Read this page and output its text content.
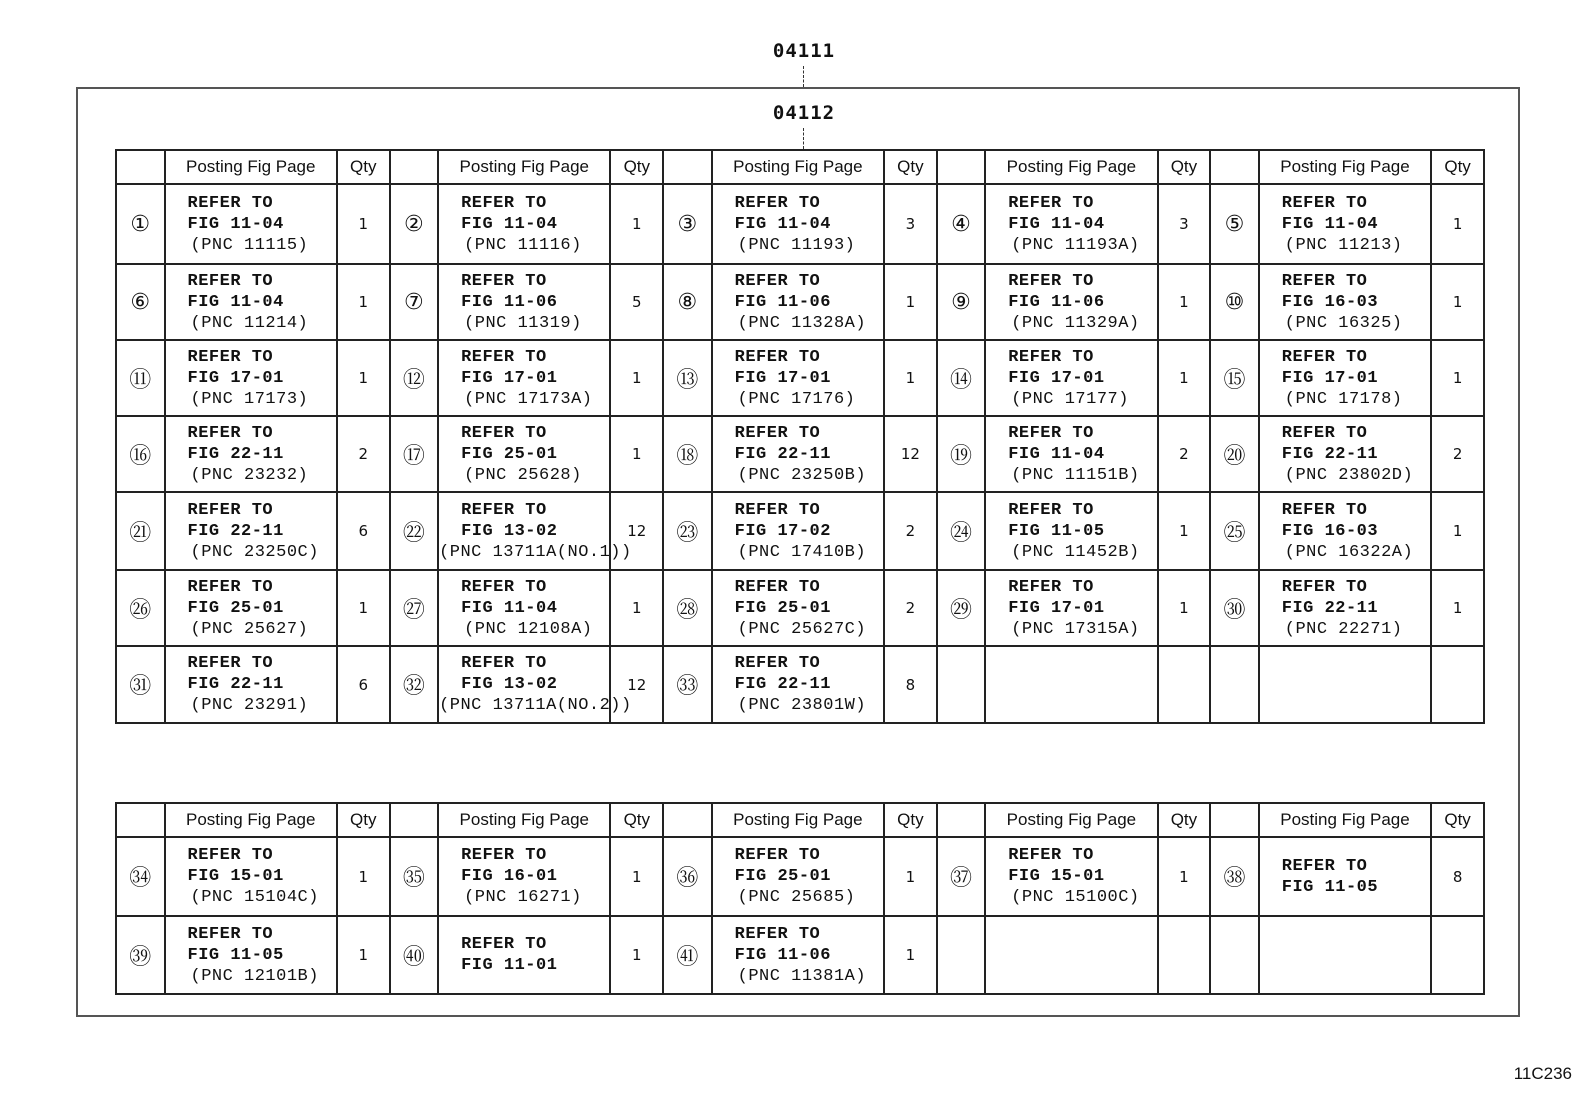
04111
04112
	Posting Fig Page	Qty		Posting Fig Page	Qty		Posting Fig Page	Qty		Posting Fig Page	Qty		Posting Fig Page	Qty
①	REFER TO
FIG 11-04
(PNC 11115)	1	②	REFER TO
FIG 11-04
(PNC 11116)	1	③	REFER TO
FIG 11-04
(PNC 11193)	3	④	REFER TO
FIG 11-04
(PNC 11193A)	3	⑤	REFER TO
FIG 11-04
(PNC 11213)	1
⑥	REFER TO
FIG 11-04
(PNC 11214)	1	⑦	REFER TO
FIG 11-06
(PNC 11319)	5	⑧	REFER TO
FIG 11-06
(PNC 11328A)	1	⑨	REFER TO
FIG 11-06
(PNC 11329A)	1	⑩	REFER TO
FIG 16-03
(PNC 16325)	1
⑪	REFER TO
FIG 17-01
(PNC 17173)	1	⑫	REFER TO
FIG 17-01
(PNC 17173A)	1	⑬	REFER TO
FIG 17-01
(PNC 17176)	1	⑭	REFER TO
FIG 17-01
(PNC 17177)	1	⑮	REFER TO
FIG 17-01
(PNC 17178)	1
⑯	REFER TO
FIG 22-11
(PNC 23232)	2	⑰	REFER TO
FIG 25-01
(PNC 25628)	1	⑱	REFER TO
FIG 22-11
(PNC 23250B)	12	⑲	REFER TO
FIG 11-04
(PNC 11151B)	2	⑳	REFER TO
FIG 22-11
(PNC 23802D)	2
㉑	REFER TO
FIG 22-11
(PNC 23250C)	6	㉒	REFER TO
FIG 13-02
(PNC 13711A(NO.1))	12	㉓	REFER TO
FIG 17-02
(PNC 17410B)	2	㉔	REFER TO
FIG 11-05
(PNC 11452B)	1	㉕	REFER TO
FIG 16-03
(PNC 16322A)	1
㉖	REFER TO
FIG 25-01
(PNC 25627)	1	㉗	REFER TO
FIG 11-04
(PNC 12108A)	1	㉘	REFER TO
FIG 25-01
(PNC 25627C)	2	㉙	REFER TO
FIG 17-01
(PNC 17315A)	1	㉚	REFER TO
FIG 22-11
(PNC 22271)	1
㉛	REFER TO
FIG 22-11
(PNC 23291)	6	㉜	REFER TO
FIG 13-02
(PNC 13711A(NO.2))	12	㉝	REFER TO
FIG 22-11
(PNC 23801W)	8						
	Posting Fig Page	Qty		Posting Fig Page	Qty		Posting Fig Page	Qty		Posting Fig Page	Qty		Posting Fig Page	Qty
㉞	REFER TO
FIG 15-01
(PNC 15104C)	1	㉟	REFER TO
FIG 16-01
(PNC 16271)	1	㊱	REFER TO
FIG 25-01
(PNC 25685)	1	㊲	REFER TO
FIG 15-01
(PNC 15100C)	1	㊳	REFER TO
FIG 11-05	8
㊴	REFER TO
FIG 11-05
(PNC 12101B)	1	㊵	REFER TO
FIG 11-01	1	㊶	REFER TO
FIG 11-06
(PNC 11381A)	1						
11C236
